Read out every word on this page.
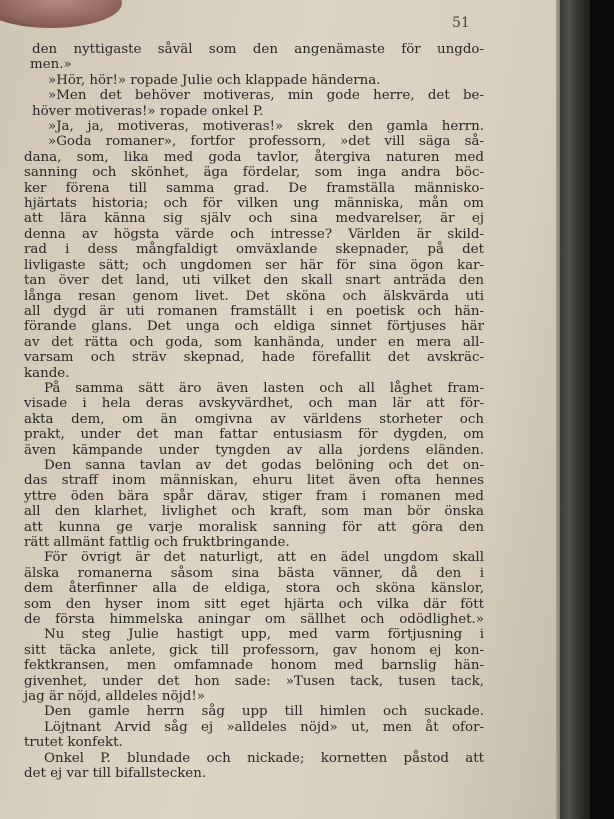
51

den nyttigaste såväl som den angenämaste för ungdo-

men.»

»Hör, hör!» ropade Julie och klappade händerna.

»Men det behöver motiveras, min gode herre, det be-

höver motiveras!» ropade onkel P.

»Ja, ja, motiveras, motiveras!» skrek den gamla herrn.

»Goda romaner», fortfor professorn, »det vill säga så-

dana, som, lika med goda tavlor, återgiva naturen med

sanning och skönhet, äga fördelar, som inga andra böc-

ker förena till samma grad. De framställa människo-

hjärtats historia; och för vilken ung människa, mån om

att lära känna sig själv och sina medvarelser, är ej

denna av högsta värde och intresse? Världen är skild-

rad i dess mångfaldigt omväxlande skepnader, på det

livligaste sätt; och ungdomen ser här för sina ögon kar-

tan över det land, uti vilket den skall snart anträda den

långa resan genom livet. Det sköna och älskvärda uti

all dygd är uti romanen framställt i en poetisk och hän-

förande glans. Det unga och eldiga sinnet förtjuses här

av det rätta och goda, som kanhända, under en mera all-

varsam och sträv skepnad, hade förefallit det avskräc-

kande.

På samma sätt äro även lasten och all låghet fram-

visade i hela deras avskyvärdhet, och man lär att för-

akta dem, om än omgivna av världens storheter och

prakt, under det man fattar entusiasm för dygden, om

även kämpande under tyngden av alla jordens eländen.

Den sanna tavlan av det godas belöning och det on-

das straff inom människan, ehuru litet även ofta hennes

yttre öden bära spår därav, stiger fram i romanen med

all den klarhet, livlighet och kraft, som man bör önska

att kunna ge varje moralisk sanning för att göra den

rätt allmänt fattlig och fruktbringande.

För övrigt är det naturligt, att en ädel ungdom skall

älska romanerna såsom sina bästa vänner, då den i

dem återfinner alla de eldiga, stora och sköna känslor,

som den hyser inom sitt eget hjärta och vilka där fött

de första himmelska aningar om sällhet och odödlighet.»

Nu steg Julie hastigt upp, med varm förtjusning i

sitt täcka anlete, gick till professorn, gav honom ej kon-

fektkransen, men omfamnade honom med barnslig hän-

givenhet, under det hon sade: »Tusen tack, tusen tack,

jag är nöjd, alldeles nöjd!»

Den gamle herrn såg upp till himlen och suckade.

Löjtnant Arvid såg ej »alldeles nöjd» ut, men åt ofor-

trutet konfekt.

Onkel P. blundade och nickade; kornetten påstod att

det ej var till bifallstecken.
